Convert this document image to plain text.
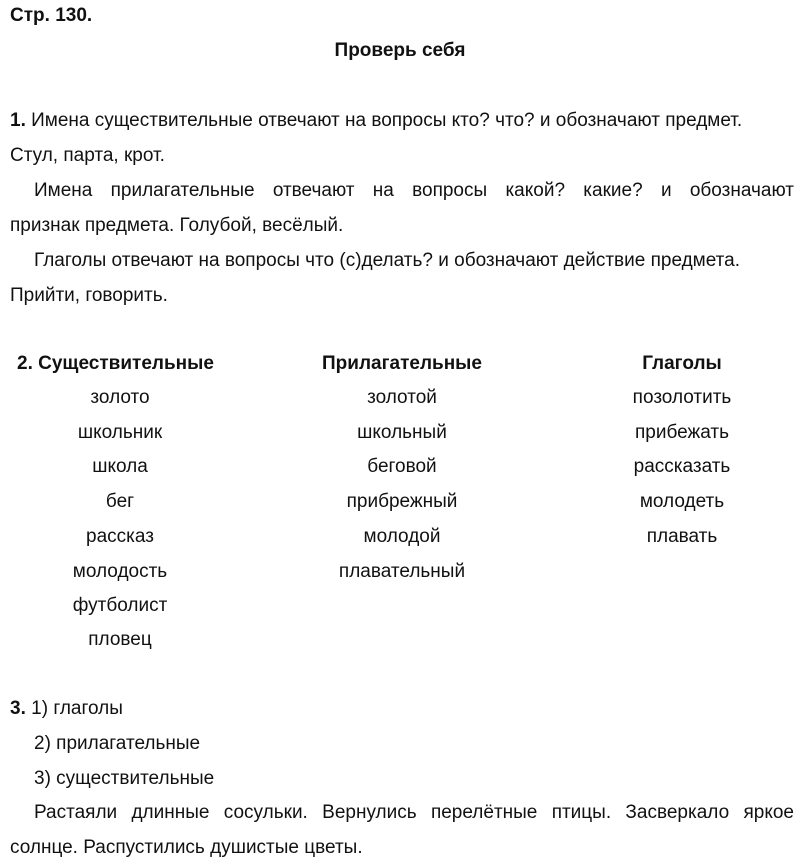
Стр. 130.
Проверь себя
1. Имена существительные отвечают на вопросы кто? что? и обозначают предмет.
Стул, парта, крот.
Имена прилагательные отвечают на вопросы какой? какие? и обозначают
признак предмета. Голубой, весёлый.
Глаголы отвечают на вопросы что (с)делать? и обозначают действие предмета.
Прийти, говорить.
2. Существительные	Прилагательные	Глаголы
золото
школьник
школа
бег
рассказ
молодость
футболист
пловец
золотой
школьный
беговой
прибрежный
молодой
плавательный
позолотить
прибежать
рассказать
молодеть
плавать
3. 1) глаголы
2) прилагательные
3) существительные
Растаяли длинные сосульки. Вернулись перелётные птицы. Засверкало яркое
солнце. Распустились душистые цветы.
